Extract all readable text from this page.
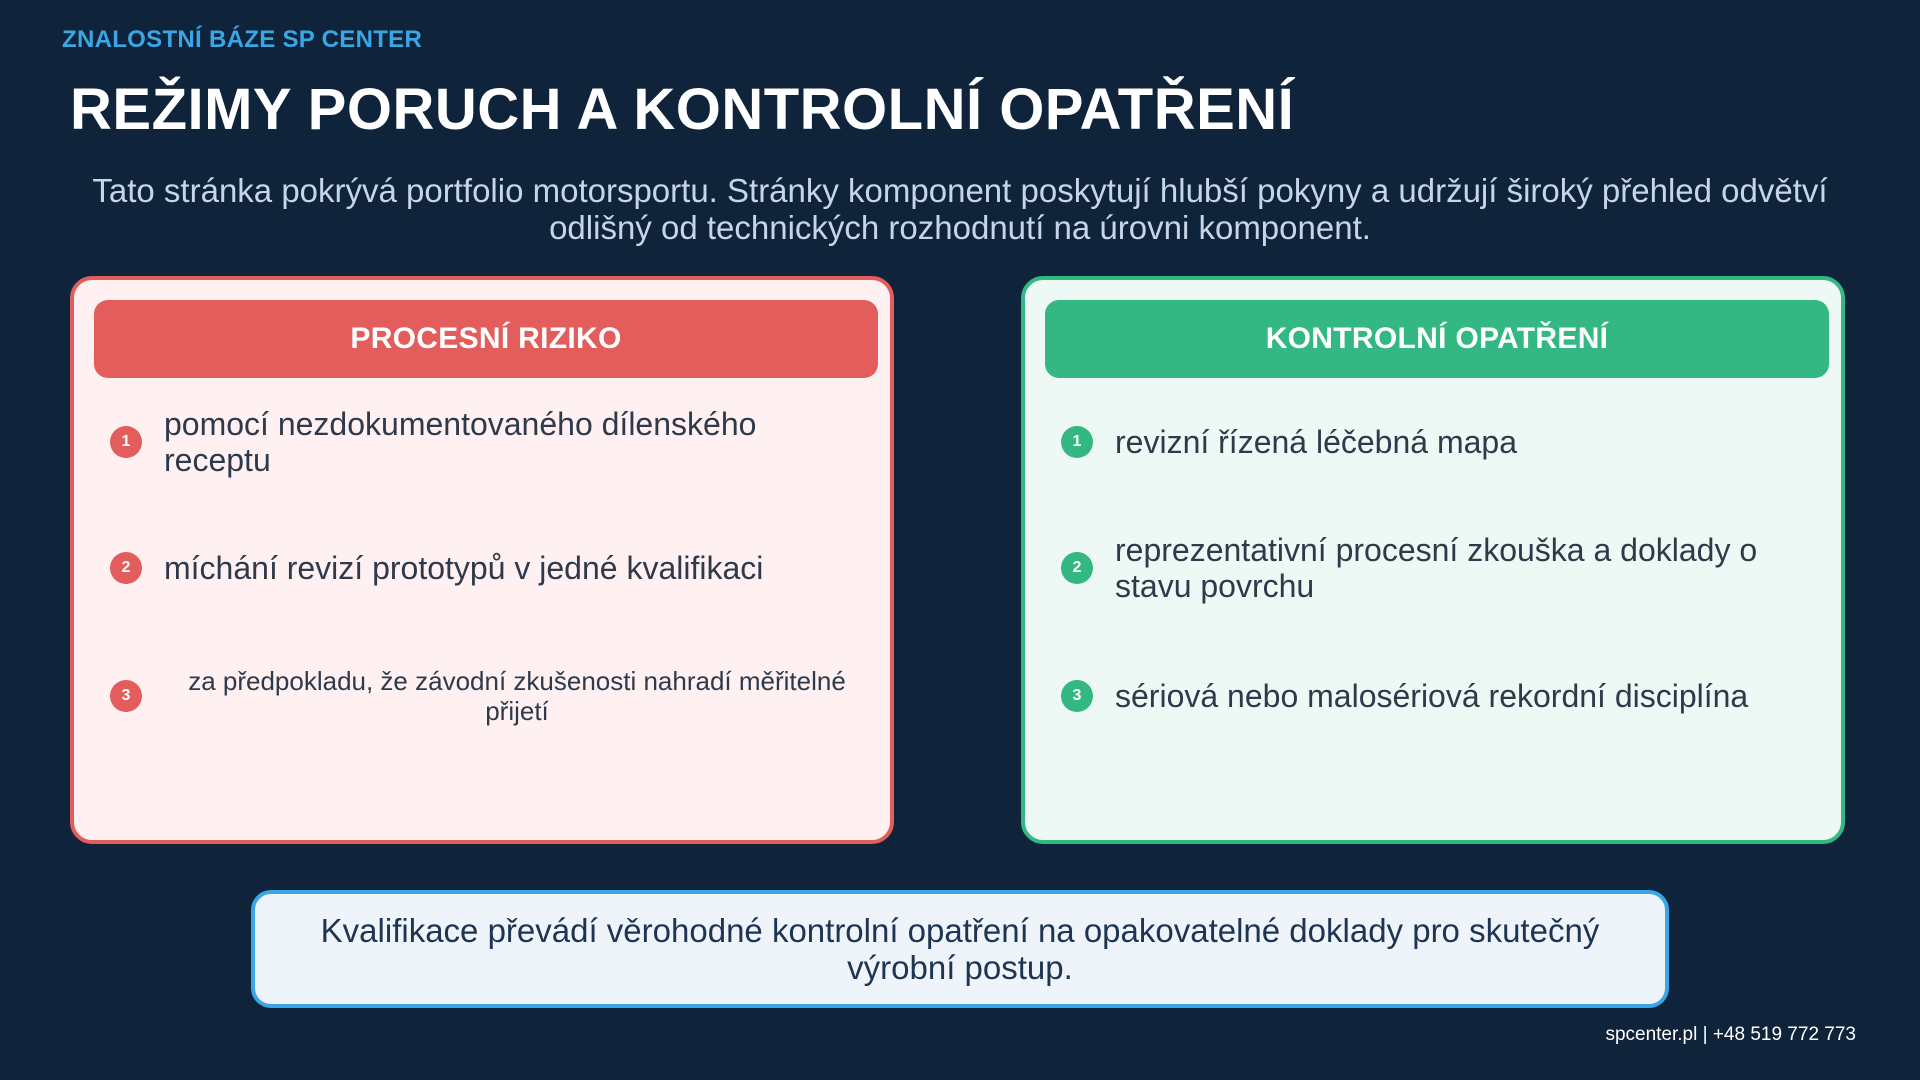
ZNALOSTNÍ BÁZE SP CENTER
REŽIMY PORUCH A KONTROLNÍ OPATŘENÍ
Tato stránka pokrývá portfolio motorsportu. Stránky komponent poskytují hlubší pokyny a udržují široký přehled odvětví odlišný od technických rozhodnutí na úrovni komponent.
PROCESNÍ RIZIKO
1	pomocí nezdokumentovaného dílenského receptu
2	míchání revizí prototypů v jedné kvalifikaci
3	za předpokladu, že závodní zkušenosti nahradí měřitelné přijetí
KONTROLNÍ OPATŘENÍ
1	revizní řízená léčebná mapa
2	reprezentativní procesní zkouška a doklady o stavu povrchu
3	sériová nebo malosériová rekordní disciplína
Kvalifikace převádí věrohodné kontrolní opatření na opakovatelné doklady pro skutečný výrobní postup.
spcenter.pl | +48 519 772 773
